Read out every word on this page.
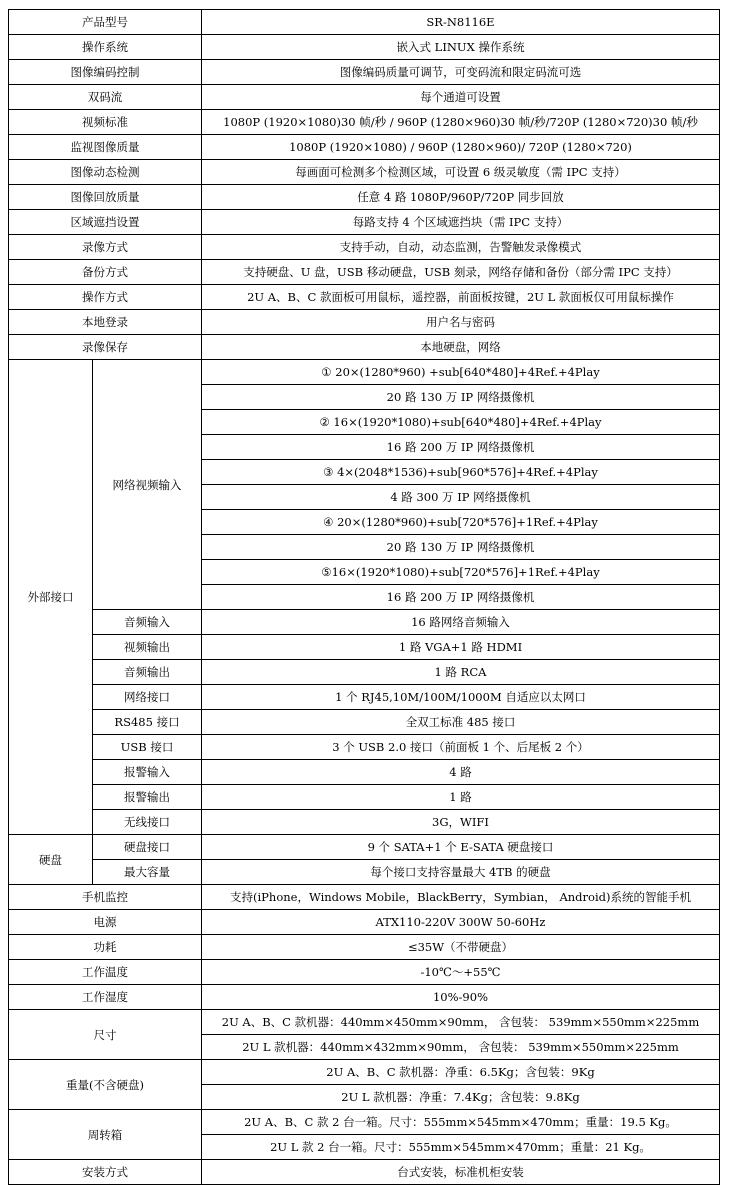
产品型号		SR-N8116E
操作系统		嵌入式 LINUX 操作系统
图像编码控制		图像编码质量可调节，可变码流和限定码流可选
双码流		每个通道可设置
视频标准		1080P (1920×1080)30 帧/秒 / 960P (1280×960)30 帧/秒/720P (1280×720)30 帧/秒
监视图像质量		1080P (1920×1080) / 960P (1280×960)/ 720P (1280×720)
图像动态检测		每画面可检测多个检测区域，可设置 6 级灵敏度（需 IPC 支持）
图像回放质量		任意 4 路 1080P/960P/720P 同步回放
区域遮挡设置		每路支持 4 个区域遮挡块（需 IPC 支持）
录像方式		支持手动，自动，动态监测，告警触发录像模式
备份方式		支持硬盘、U 盘，USB 移动硬盘，USB 刻录，网络存储和备份（部分需 IPC 支持）
操作方式		2U A、B、C 款面板可用鼠标，遥控器，前面板按键，2U L 款面板仅可用鼠标操作
本地登录		用户名与密码
录像保存		本地硬盘，网络
外部接口	网络视频输入	① 20×(1280*960) +sub[640*480]+4Ref.+4Play
		20 路 130 万 IP 网络摄像机
		② 16×(1920*1080)+sub[640*480]+4Ref.+4Play
		16 路 200 万 IP 网络摄像机
		③ 4×(2048*1536)+sub[960*576]+4Ref.+4Play
		4 路 300 万 IP 网络摄像机
		④ 20×(1280*960)+sub[720*576]+1Ref.+4Play
		20 路 130 万 IP 网络摄像机
		⑤16×(1920*1080)+sub[720*576]+1Ref.+4Play
		16 路 200 万 IP 网络摄像机
	音频输入	16 路网络音频输入
	视频输出	1 路 VGA+1 路 HDMI
	音频输出	1 路 RCA
	网络接口	1 个 RJ45,10M/100M/1000M 自适应以太网口
	RS485 接口	全双工标准 485 接口
	USB 接口	3 个 USB 2.0 接口（前面板 1 个、后尾板 2 个）
	报警输入	4 路
	报警输出	1 路
	无线接口	3G，WIFI
硬盘	硬盘接口	9 个 SATA+1 个 E-SATA 硬盘接口
	最大容量	每个接口支持容量最大 4TB 的硬盘
手机监控		支持(iPhone，Windows Mobile，BlackBerry，Symbian， Android)系统的智能手机
电源		ATX110-220V 300W 50-60Hz
功耗		≤35W（不带硬盘）
工作温度		-10℃～+55℃
工作湿度		10%-90%
尺寸		2U A、B、C 款机器：440mm×450mm×90mm， 含包装： 539mm×550mm×225mm
		2U L 款机器：440mm×432mm×90mm， 含包装： 539mm×550mm×225mm
重量(不含硬盘)		2U A、B、C 款机器：净重：6.5Kg；含包装：9Kg
		2U L 款机器：净重：7.4Kg；含包装：9.8Kg
周转箱		2U A、B、C 款 2 台一箱。尺寸：555mm×545mm×470mm；重量：19.5 Kg。
		2U L 款 2 台一箱。尺寸：555mm×545mm×470mm；重量：21 Kg。
安装方式		台式安装，标准机柜安装
